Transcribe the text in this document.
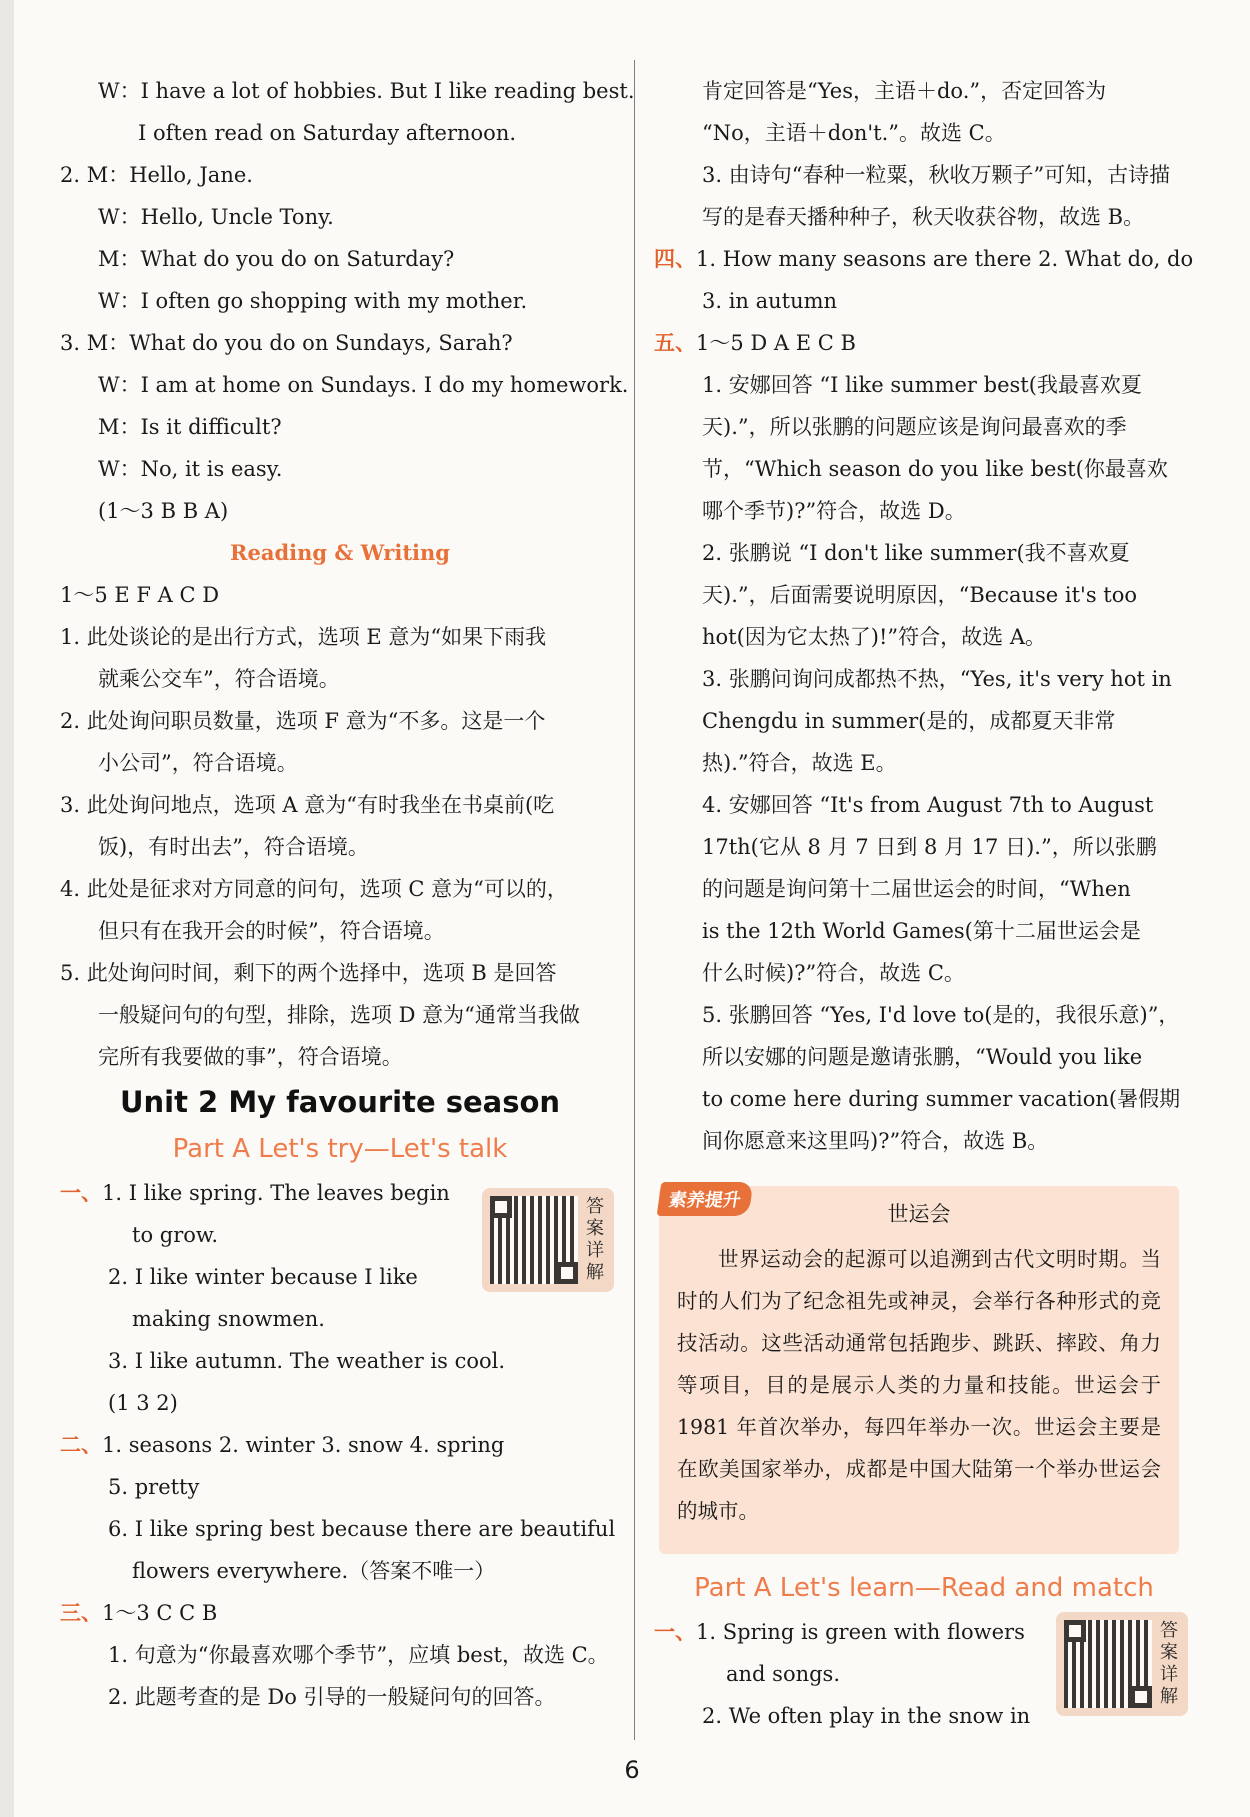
W：I have a lot of hobbies. But I like reading best.
I often read on Saturday afternoon.
2. M：Hello, Jane.
W：Hello, Uncle Tony.
M：What do you do on Saturday?
W：I often go shopping with my mother.
3. M：What do you do on Sundays, Sarah?
W：I am at home on Sundays. I do my homework.
M：Is it difficult?
W：No, it is easy.
(1～3 B B A)
Reading & Writing
1～5 E F A C D
1. 此处谈论的是出行方式，选项 E 意为“如果下雨我
就乘公交车”，符合语境。
2. 此处询问职员数量，选项 F 意为“不多。这是一个
小公司”，符合语境。
3. 此处询问地点，选项 A 意为“有时我坐在书桌前(吃
饭)，有时出去”，符合语境。
4. 此处是征求对方同意的问句，选项 C 意为“可以的，
但只有在我开会的时候”，符合语境。
5. 此处询问时间，剩下的两个选择中，选项 B 是回答
一般疑问句的句型，排除，选项 D 意为“通常当我做
完所有我要做的事”，符合语境。
Unit 2 My favourite season
Part A Let's try—Let's talk
一、1. I like spring. The leaves begin
to grow.
2. I like winter because I like
making snowmen.
3. I like autumn. The weather is cool.
(1 3 2)
二、1. seasons 2. winter 3. snow 4. spring
5. pretty
6. I like spring best because there are beautiful
flowers everywhere.（答案不唯一）
三、1～3 C C B
1. 句意为“你最喜欢哪个季节”，应填 best，故选 C。
2. 此题考查的是 Do 引导的一般疑问句的回答。
答案详解
肯定回答是“Yes，主语＋do.”，否定回答为
“No，主语＋don't.”。故选 C。
3. 由诗句“春种一粒粟，秋收万颗子”可知，古诗描
写的是春天播种种子，秋天收获谷物，故选 B。
四、1. How many seasons are there 2. What do, do
3. in autumn
五、1～5 D A E C B
1. 安娜回答 “I like summer best(我最喜欢夏
天).”，所以张鹏的问题应该是询问最喜欢的季
节，“Which season do you like best(你最喜欢
哪个季节)?”符合，故选 D。
2. 张鹏说 “I don't like summer(我不喜欢夏
天).”，后面需要说明原因，“Because it's too
hot(因为它太热了)!”符合，故选 A。
3. 张鹏问询问成都热不热，“Yes, it's very hot in
Chengdu in summer(是的，成都夏天非常
热).”符合，故选 E。
4. 安娜回答 “It's from August 7th to August
17th(它从 8 月 7 日到 8 月 17 日).”，所以张鹏
的问题是询问第十二届世运会的时间，“When
is the 12th World Games(第十二届世运会是
什么时候)?”符合，故选 C。
5. 张鹏回答 “Yes, I'd love to(是的，我很乐意)”，
所以安娜的问题是邀请张鹏，“Would you like
to come here during summer vacation(暑假期
间你愿意来这里吗)?”符合，故选 B。
素养提升
世运会
世界运动会的起源可以追溯到古代文明时期。当时的人们为了纪念祖先或神灵，会举行各种形式的竞技活动。这些活动通常包括跑步、跳跃、摔跤、角力等项目，目的是展示人类的力量和技能。世运会于 1981 年首次举办，每四年举办一次。世运会主要是在欧美国家举办，成都是中国大陆第一个举办世运会的城市。
Part A Let's learn—Read and match
一、1. Spring is green with flowers
and songs.
2. We often play in the snow in
答案详解
6
